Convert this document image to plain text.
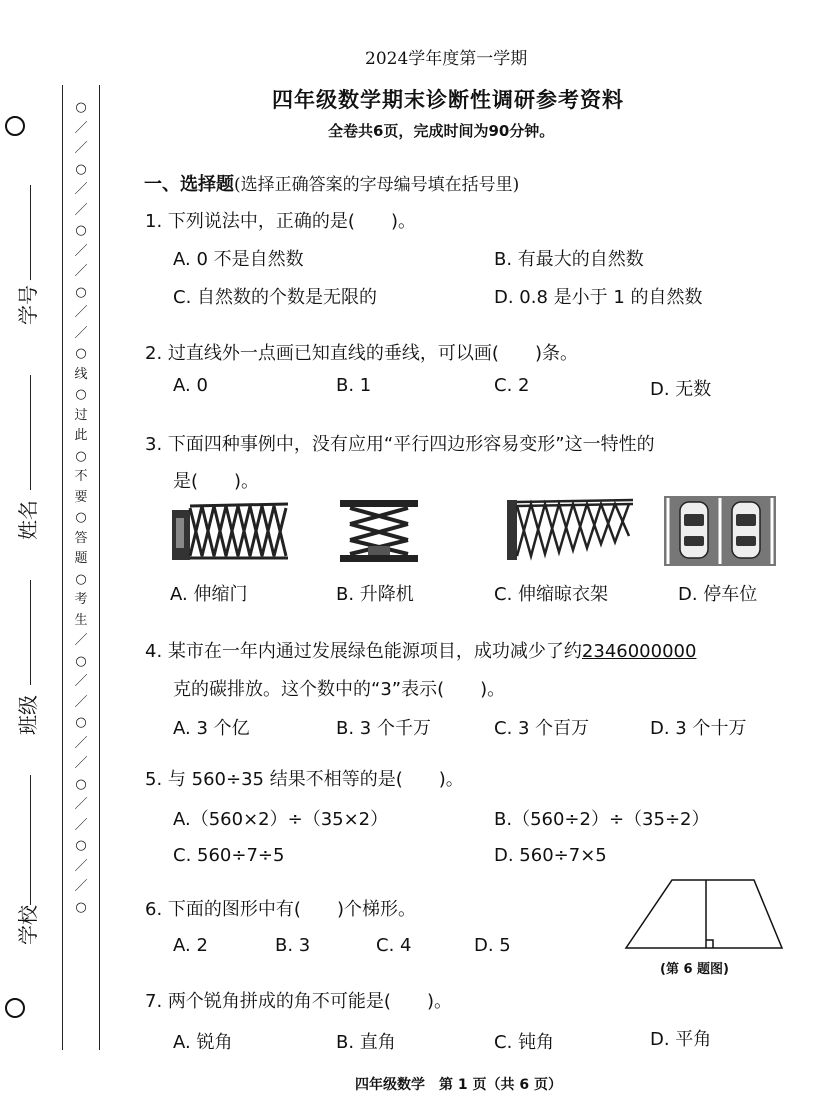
学号
姓名
班级
学校
○／／○／／○／／○／／○线○过此○不要○答题○考生／○／／○／／○／／○／／○
2024学年度第一学期
四年级数学期末诊断性调研参考资料
全卷共6页，完成时间为90分钟。
一、选择题(选择正确答案的字母编号填在括号里)
1. 下列说法中，正确的是(　　)。
A. 0 不是自然数	B. 有最大的自然数
C. 自然数的个数是无限的	D. 0.8 是小于 1 的自然数
2. 过直线外一点画已知直线的垂线，可以画(　　)条。
A. 0	B. 1	C. 2	D. 无数
3. 下面四种事例中，没有应用“平行四边形容易变形”这一特性的
是(　　)。
A. 伸缩门	B. 升降机	C. 伸缩晾衣架	D. 停车位
4. 某市在一年内通过发展绿色能源项目，成功减少了约2346000000
克的碳排放。这个数中的“3”表示(　　)。
A. 3 个亿	B. 3 个千万	C. 3 个百万	D. 3 个十万
5. 与 560÷35 结果不相等的是(　　)。
A.（560×2）÷（35×2）	B.（560÷2）÷（35÷2）
C. 560÷7÷5	D. 560÷7×5
6. 下面的图形中有(　　)个梯形。
A. 2	B. 3	C. 4	D. 5
(第 6 题图)
7. 两个锐角拼成的角不可能是(　　)。
A. 锐角	B. 直角	C. 钝角	D. 平角
四年级数学　第 1 页（共 6 页）
